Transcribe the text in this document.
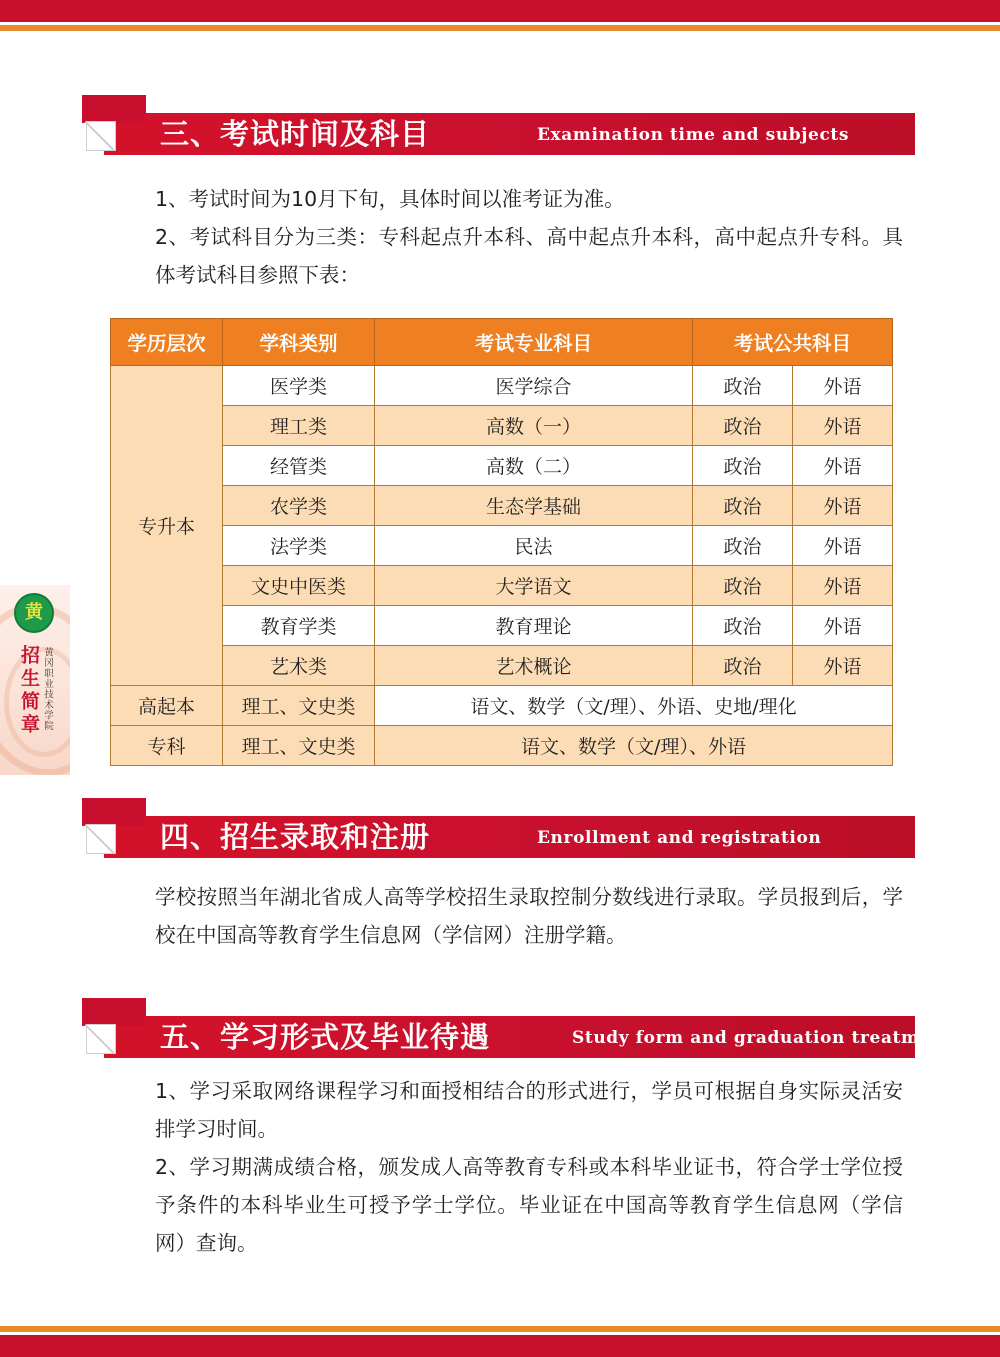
黄
招生简章 黄冈职业技术学院
三、考试时间及科目	Examination time and subjects
1、考试时间为10月下旬，具体时间以准考证为准。
2、考试科目分为三类：专科起点升本科、高中起点升本科，高中起点升专科。具体考试科目参照下表：
学历层次	学科类别	考试专业科目	考试公共科目	
专升本	医学类	医学综合	政治	外语
	理工类	高数（一）	政治	外语
	经管类	高数（二）	政治	外语
	农学类	生态学基础	政治	外语
	法学类	民法	政治	外语
	文史中医类	大学语文	政治	外语
	教育学类	教育理论	政治	外语
	艺术类	艺术概论	政治	外语
高起本	理工、文史类	语文、数学（文/理）、外语、史地/理化		
专科	理工、文史类	语文、数学（文/理）、外语		
四、招生录取和注册	Enrollment and registration
学校按照当年湖北省成人高等学校招生录取控制分数线进行录取。学员报到后，学校在中国高等教育学生信息网（学信网）注册学籍。
五、学习形式及毕业待遇	Study form and graduation treatment
1、学习采取网络课程学习和面授相结合的形式进行，学员可根据自身实际灵活安排学习时间。
2、学习期满成绩合格，颁发成人高等教育专科或本科毕业证书，符合学士学位授予条件的本科毕业生可授予学士学位。毕业证在中国高等教育学生信息网（学信网）查询。
